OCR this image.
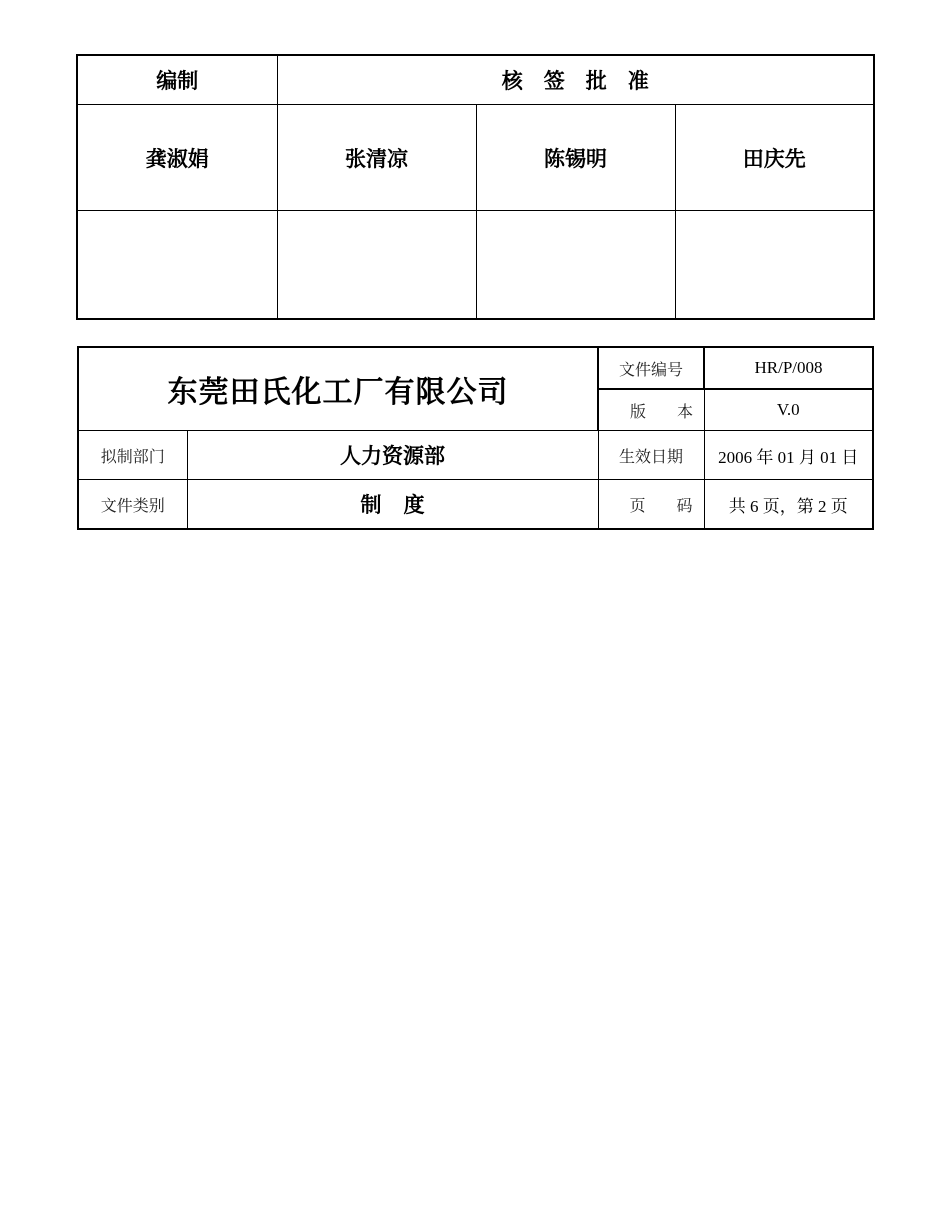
编制	核签批准		
龚淑娟	张清凉	陈锡明	田庆先

东莞田氏化工厂有限公司		文件编号	HR/P/008
		版本	V.0
拟制部门	人力资源部	生效日期	2006 年 01 月 01 日
文件类别	制度	页码	共 6 页，第 2 页
